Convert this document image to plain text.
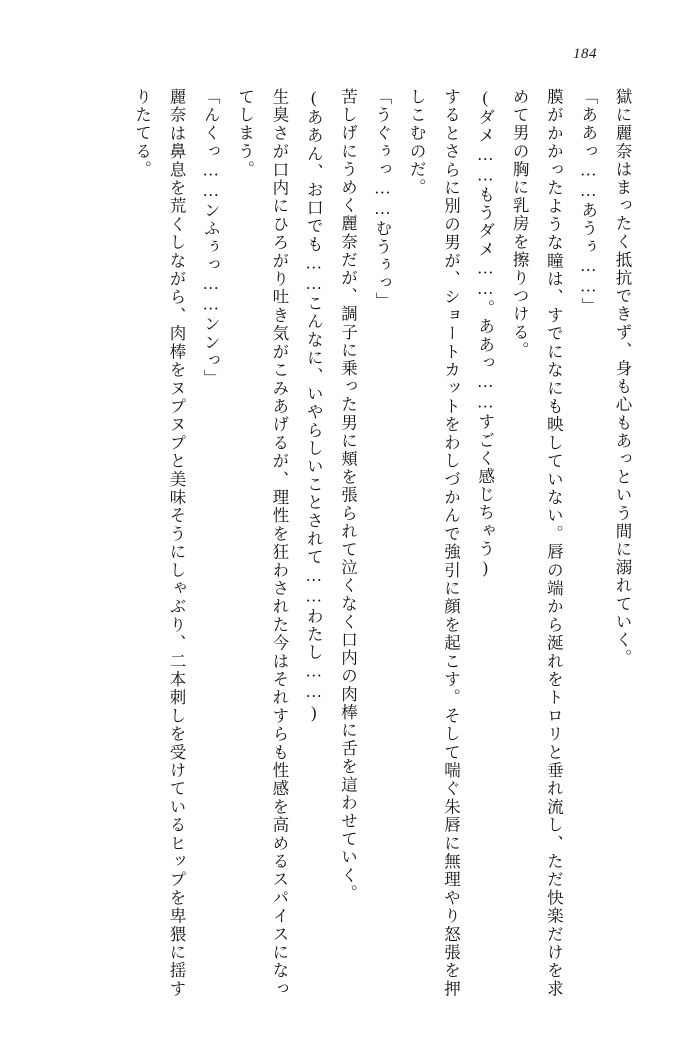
184

獄に麗奈はまったく抵抗できず、身も心もあっという間に溺れていく。

「ああっ……あうぅ……」

膜がかかったような瞳は、すでになにも映していない。唇の端から涎れをトロリと垂れ流し、ただ快楽だけを求めて男の胸に乳房を擦りつける。

(ダメ……もうダメ……。ああっ……すごく感じちゃう)

するとさらに別の男が、ショートカットをわしづかんで強引に顔を起こす。そして喘ぐ朱唇に無理やり怒張を押しこむのだ。

「うぐぅっ……むうぅっ」

苦しげにうめく麗奈だが、調子に乗った男に頬を張られて泣くなく口内の肉棒に舌を這わせていく。

(ああん、お口でも……こんなに、いやらしいことされて……わたし……)

生臭さが口内にひろがり吐き気がこみあげるが、理性を狂わされた今はそれすらも性感を高めるスパイスになってしまう。

「んくっ……ンふぅっ……ンンっ」

麗奈は鼻息を荒くしながら、肉棒をヌプヌプと美味そうにしゃぶり、二本刺しを受けているヒップを卑猥に揺すりたてる。
